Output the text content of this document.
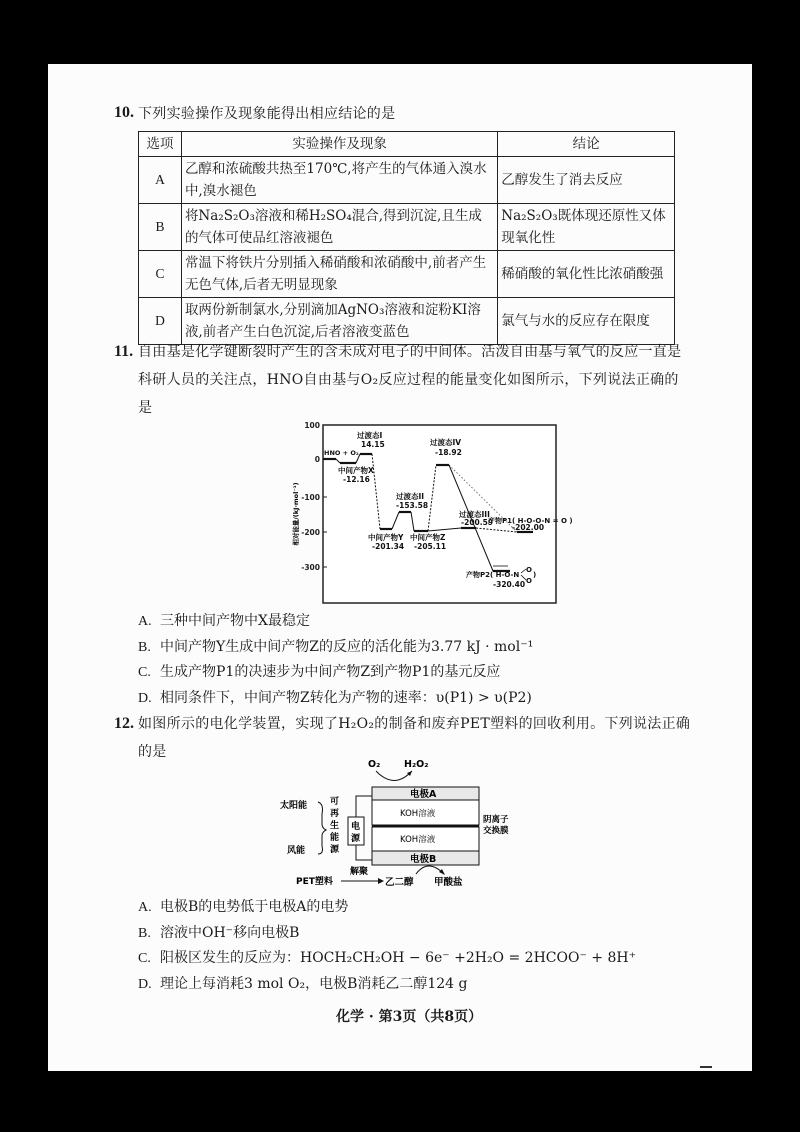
10. 下列实验操作及现象能得出相应结论的是
选项	实验操作及现象	结论
A	乙醇和浓硫酸共热至170℃,将产生的气体通入溴水中,溴水褪色	乙醇发生了消去反应
B	将Na₂S₂O₃溶液和稀H₂SO₄混合,得到沉淀,且生成的气体可使品红溶液褪色	Na₂S₂O₃既体现还原性又体现氧化性
C	常温下将铁片分别插入稀硝酸和浓硝酸中,前者产生无色气体,后者无明显现象	稀硝酸的氧化性比浓硝酸强
D	取两份新制氯水,分别滴加AgNO₃溶液和淀粉KI溶液,前者产生白色沉淀,后者溶液变蓝色	氯气与水的反应存在限度
11. 自由基是化学键断裂时产生的含未成对电子的中间体。活泼自由基与氧气的反应一直是
科研人员的关注点，HNO自由基与O₂反应过程的能量变化如图所示，下列说法正确的
是
100
0
-100
-200
-300
相对能量/(kJ·mol⁻¹)
HNO + O₂
过渡态I
14.15
中间产物X
-12.16
过渡态II
-153.58
中间产物Y
-201.34
中间产物Z
-205.11
过渡态III
-200.59
过渡态IV
-18.92
产物P1( H-O-O-N = O )
-202.00
产物P2( H-O-N
O
O
)
-320.40
A. 三种中间产物中X最稳定
B. 中间产物Y生成中间产物Z的反应的活化能为3.77 kJ · mol⁻¹
C. 生成产物P1的决速步为中间产物Z到产物P1的基元反应
D. 相同条件下，中间产物Z转化为产物的速率：υ(P1) > υ(P2)
12. 如图所示的电化学装置，实现了H₂O₂的制备和废弃PET塑料的回收利用。下列说法正确
的是
O₂	H₂O₂
电极A
KOH溶液
KOH溶液
电极B
阴离子
交换膜
电
源
太阳能
风能
可
再
生
能
源
PET塑料
解聚
乙二醇 甲酸盐
A. 电极B的电势低于电极A的电势
B. 溶液中OH⁻移向电极B
C. 阳极区发生的反应为：HOCH₂CH₂OH − 6e⁻ +2H₂O = 2HCOO⁻ + 8H⁺
D. 理论上每消耗3 mol O₂，电极B消耗乙二醇124 g
化学 · 第3页（共8页）
